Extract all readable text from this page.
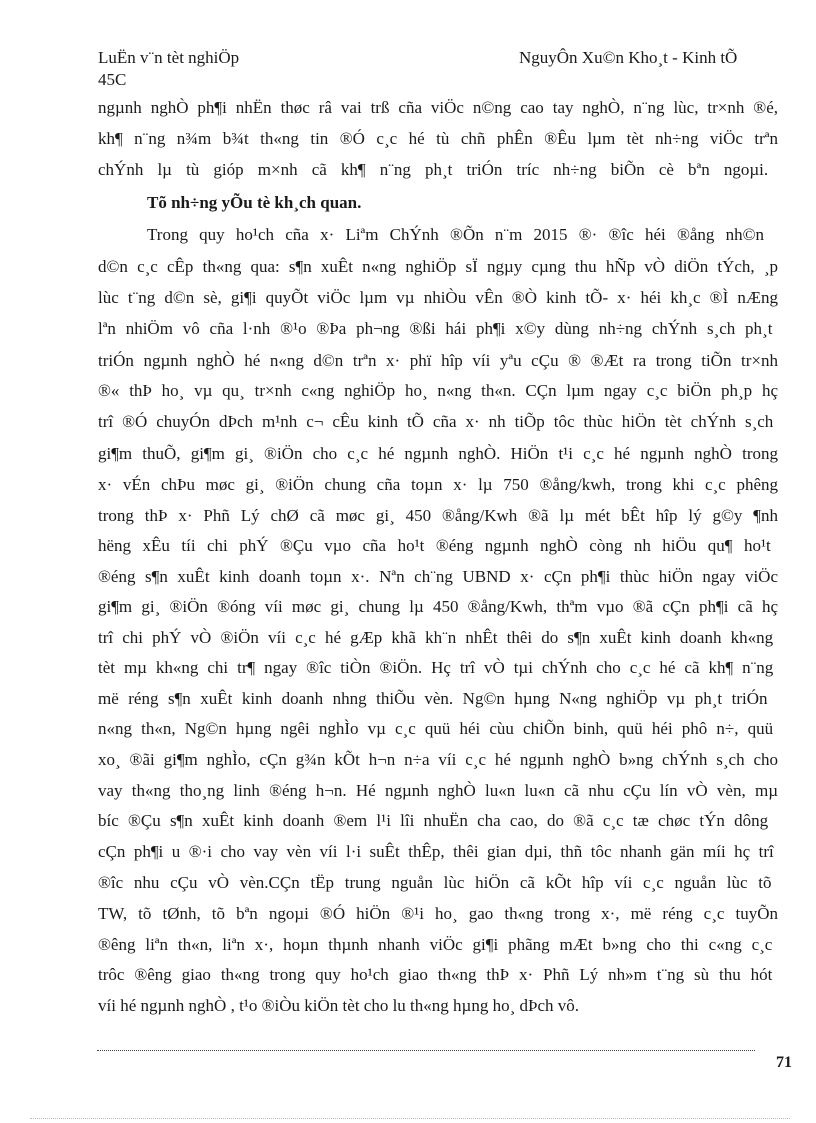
LuËn v¨n tèt nghiÖp
45C
NguyÔn Xu©n Kho¸t - Kinh tÕ
ngµnh nghÒ ph¶i nhËn thøc râ vai trß cña viÖc n©ng cao tay nghÒ, n¨ng lùc, tr×nh ®é,
kh¶ n¨ng n¾m b¾t th«ng tin ®Ó c¸c hé tù chñ phÊn ®Êu lµm tèt nh÷ng viÖc trªn
chÝnh lµ tù gióp m×nh cã kh¶ n¨ng ph¸t triÓn tríc nh÷ng biÕn cè bªn ngoµi.
Tõ nh÷ng yÕu tè kh¸ch quan.
Trong quy ho¹ch cña x· Liªm ChÝnh ®Õn n¨m 2015 ®· ®îc héi ®ång nh©n
d©n c¸c cÊp th«ng qua: s¶n xuÊt n«ng nghiÖp sÏ ngµy cµng thu hÑp vÒ diÖn tÝch, ¸p
lùc t¨ng d©n sè, gi¶i quyÕt viÖc lµm vµ nhiÒu vÊn ®Ò kinh tÕ- x· héi kh¸c ®Ì nÆng
lªn nhiÖm vô cña l·nh ®¹o ®Þa ph¬ng ®ßi hái ph¶i x©y dùng nh÷ng chÝnh s¸ch ph¸t
triÓn ngµnh nghÒ hé n«ng d©n trªn x· phï hîp víi yªu cÇu ® ®Æt ra trong tiÕn tr×nh
®« thÞ ho¸ vµ qu¸ tr×nh c«ng nghiÖp ho¸ n«ng th«n. CÇn lµm ngay c¸c biÖn ph¸p hç
trî ®Ó chuyÓn dÞch m¹nh c¬ cÊu kinh tÕ cña x· nh tiÕp tôc thùc hiÖn tèt chÝnh s¸ch
gi¶m thuÕ, gi¶m gi¸ ®iÖn cho c¸c hé ngµnh nghÒ. HiÖn t¹i c¸c hé ngµnh nghÒ trong
x· vÉn chÞu møc gi¸ ®iÖn chung cña toµn x· lµ 750 ®ång/kwh, trong khi c¸c phêng
trong thÞ x· Phñ Lý chØ cã møc gi¸ 450 ®ång/Kwh ®ã lµ mét bÊt hîp lý g©y ¶nh
hëng xÊu tíi chi phÝ ®Çu vµo cña ho¹t ®éng ngµnh nghÒ còng nh hiÖu qu¶ ho¹t
®éng s¶n xuÊt kinh doanh toµn x·. Nªn ch¨ng UBND x· cÇn ph¶i thùc hiÖn ngay viÖc
gi¶m gi¸ ®iÖn ®óng víi møc gi¸ chung lµ 450 ®ång/Kwh, thªm vµo ®ã cÇn ph¶i cã hç
trî chi phÝ vÒ ®iÖn víi c¸c hé gÆp khã kh¨n nhÊt thêi do s¶n xuÊt kinh doanh kh«ng
tèt mµ kh«ng chi tr¶ ngay ®îc tiÒn ®iÖn. Hç trî vÒ tµi chÝnh cho c¸c hé cã kh¶ n¨ng
më réng s¶n xuÊt kinh doanh nhng thiÕu vèn. Ng©n hµng N«ng nghiÖp vµ ph¸t triÓn
n«ng th«n, Ng©n hµng ngêi nghÌo vµ c¸c quü héi cùu chiÕn binh, quü héi phô n÷, quü
xo¸ ®ãi gi¶m nghÌo, cÇn g¾n kÕt h¬n n÷a víi c¸c hé ngµnh nghÒ b»ng chÝnh s¸ch cho
vay th«ng tho¸ng linh ®éng h¬n. Hé ngµnh nghÒ lu«n lu«n cã nhu cÇu lín vÒ vèn, mµ
bíc ®Çu s¶n xuÊt kinh doanh ®em l¹i lîi nhuËn cha cao, do ®ã c¸c tæ chøc tÝn dông
cÇn ph¶i u ®·i cho vay vèn víi l·i suÊt thÊp, thêi gian dµi, thñ tôc nhanh gän míi hç trî
®îc nhu cÇu vÒ vèn.CÇn tËp trung nguån lùc hiÖn cã kÕt hîp víi c¸c nguån lùc tõ
TW, tõ tØnh, tõ bªn ngoµi ®Ó hiÖn ®¹i ho¸ gao th«ng trong x·, më réng c¸c tuyÕn
®êng liªn th«n, liªn x·, hoµn thµnh nhanh viÖc gi¶i phãng mÆt b»ng cho thi c«ng c¸c
trôc ®êng giao th«ng trong quy ho¹ch giao th«ng thÞ x· Phñ Lý nh»m t¨ng sù thu hót
víi hé ngµnh nghÒ , t¹o ®iÒu kiÖn tèt cho lu th«ng hµng ho¸ dÞch vô.
71
